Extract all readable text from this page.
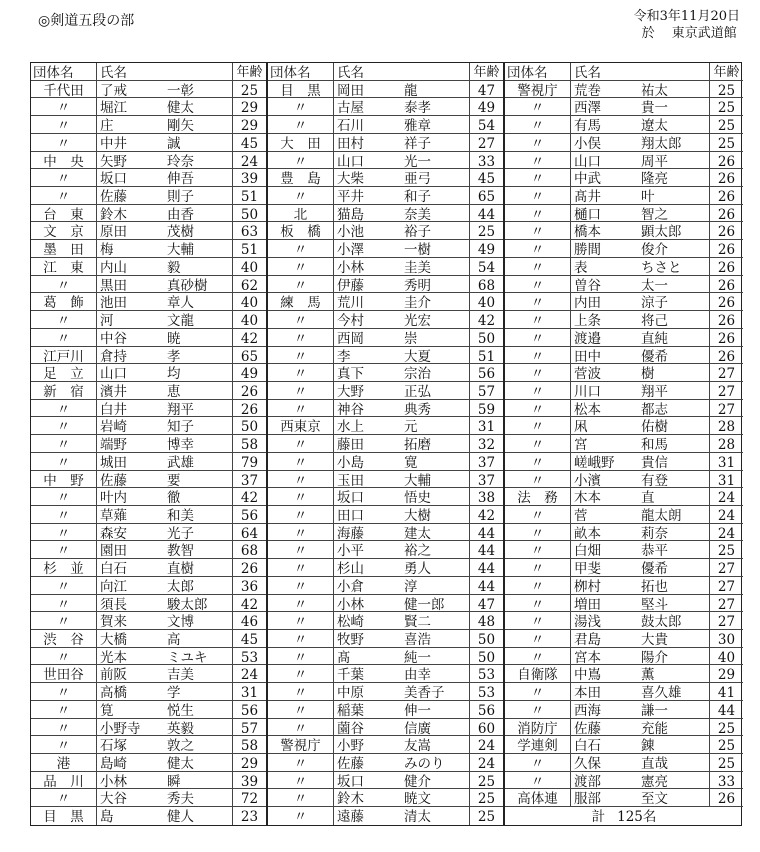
◎剣道五段の部	令和3年11月20日
於　 東京武道館
団体名	氏名	年齢
千代田	了戒	一彰	25
〃	堀江	健太	29
〃	庄	剛矢	29
〃	中井	誠	45
中　央	矢野	玲奈	24
〃	坂口	伸吾	39
〃	佐藤	則子	51
台　東	鈴木	由香	50
文　京	原田	茂樹	63
墨　田	梅	大輔	51
江　東	内山	毅	40
〃	黒田	真砂樹	62
葛　飾	池田	章人	40
〃	河	文龍	40
〃	中谷	暁	42
江戸川	倉持	孝	65
足　立	山口	均	49
新　宿	濱井	恵	26
〃	白井	翔平	26
〃	岩崎	知子	50
〃	端野	博幸	58
〃	城田	武雄	79
中　野	佐藤	要	37
〃	叶内	徹	42
〃	草薙	和美	56
〃	森安	光子	64
〃	園田	教智	68
杉　並	白石	直樹	26
〃	向江	太郎	36
〃	須長	駿太郎	42
〃	賀来	文博	46
渋　谷	大橋	高	45
〃	光本	ミユキ	53
世田谷	前阪	吉美	24
〃	高橋	学	31
〃	筧	悦生	56
〃	小野寺 英毅	57
〃	石塚	敦之	58
港	島崎	健太	29
品　川	小林	瞬	39
〃	大谷	秀夫	72
目　黒	島	健人	23
団体名	氏名	年齢
目　黒	岡田	龍	47
〃	古屋	泰孝	49
〃	石川	雅章	54
大　田	田村	祥子	27
〃	山口	光一	33
豊　島	大柴	亜弓	45
〃	平井	和子	65
北	猫島	奈美	44
板　橋	小池	裕子	25
〃	小澤	一樹	49
〃	小林	圭美	54
〃	伊藤	秀明	68
練　馬	荒川	圭介	40
〃	今村	光宏	42
〃	西岡	崇	50
〃	李	大夏	51
〃	真下	宗治	56
〃	大野	正弘	57
〃	神谷	典秀	59
西東京	水上	元	31
〃	藤田	拓磨	32
〃	小島	寛	37
〃	玉田	大輔	37
〃	坂口	悟史	38
〃	田口	大樹	42
〃	海藤	建太	44
〃	小平	裕之	44
〃	杉山	勇人	44
〃	小倉	淳	44
〃	小林	健一郎	47
〃	松崎	賢二	48
〃	牧野	喜浩	50
〃	髙	純一	50
〃	千葉	由幸	53
〃	中原	美香子	53
〃	稲葉	伸一	56
〃	薗谷	信廣	60
警視庁	小野	友嵩	24
〃	佐藤	みのり	24
〃	坂口	健介	25
〃	鈴木	暁文	25
〃	遠藤	清太	25
団体名	氏名	年齢
警視庁	荒巻	祐太	25
〃	西澤	貴一	25
〃	有馬	遼太	25
〃	小俣	翔太郎	25
〃	山口	周平	26
〃	中武	隆亮	26
〃	髙井	叶	26
〃	樋口	智之	26
〃	橋本	顕太郎	26
〃	勝間	俊介	26
〃	表	ちさと	26
〃	曽谷	太一	26
〃	内田	涼子	26
〃	上条	将己	26
〃	渡邉	直純	26
〃	田中	優希	26
〃	菅波	樹	27
〃	川口	翔平	27
〃	松本	都志	27
〃	凩	佑樹	28
〃	宮	和馬	28
〃	嵯峨野 貴信	31
〃	小濱	有登	31
法　務	木本	直	24
〃	菅	龍太朗	24
〃	畝本	莉奈	24
〃	白畑	恭平	25
〃	甲斐	優希	27
〃	栁村	拓也	27
〃	増田	堅斗	27
〃	湯浅	鼓太郎	27
〃	君島	大貴	30
〃	宮本	陽介	40
自衛隊	中嶌	薫	29
〃	本田	喜久雄	41
〃	西海	謙一	44
消防庁	佐藤	充能	25
学連剣	白石	錬	25
〃	久保	直哉	25
〃	渡部	憲亮	33
高体連	服部	至文	26
計 125名
